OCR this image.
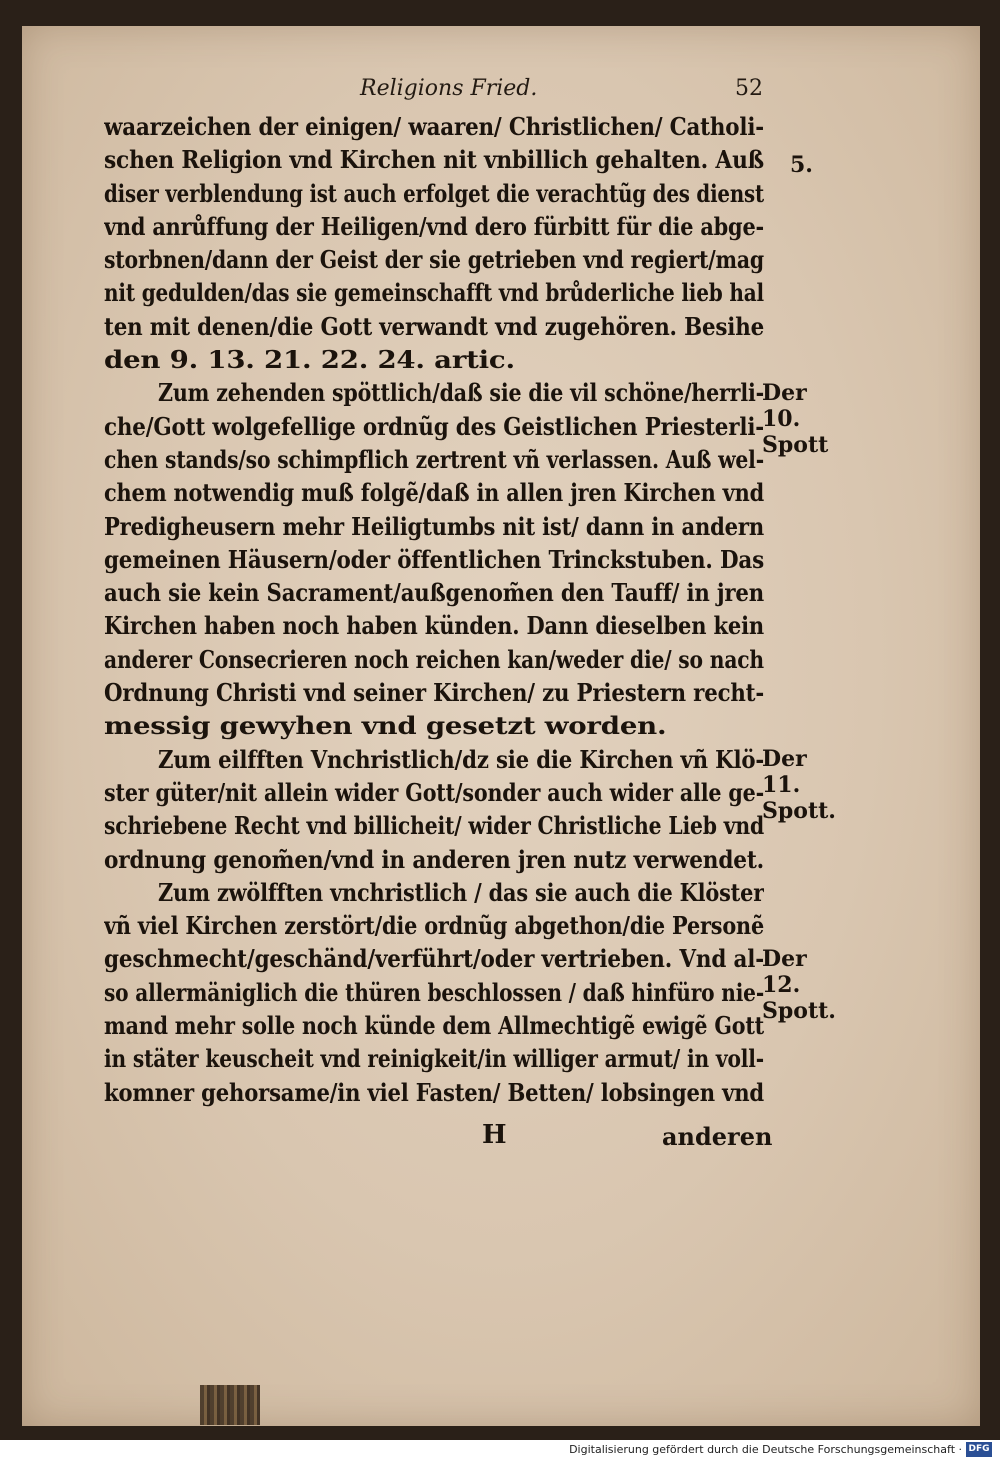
Religions Fried.	52
waarzeichen der einigen/ waaren/ Christlichen/ Catholi-
schen Religion vnd Kirchen nit vnbillich gehalten. Auß
diser verblendung ist auch erfolget die verachtũg des dienst
vnd anrůffung der Heiligen/vnd dero fürbitt für die abge-
storbnen/dann der Geist der sie getrieben vnd regiert/mag
nit gedulden/das sie gemeinschafft vnd brůderliche lieb hal
ten mit denen/die Gott verwandt vnd zugehören. Besihe
den 9. 13. 21. 22. 24. artic.
Zum zehenden spöttlich/daß sie die vil schöne/herrli-
che/Gott wolgefellige ordnũg des Geistlichen Priesterli-
chen stands/so schimpflich zertrent vñ verlassen. Auß wel-
chem notwendig muß folgẽ/daß in allen jren Kirchen vnd
Predigheusern mehr Heiligtumbs nit ist/ dann in andern
gemeinen Häusern/oder öffentlichen Trinckstuben. Das
auch sie kein Sacrament/außgenom̃en den Tauff/ in jren
Kirchen haben noch haben künden. Dann dieselben kein
anderer Consecrieren noch reichen kan/weder die/ so nach
Ordnung Christi vnd seiner Kirchen/ zu Priestern recht-
messig gewyhen vnd gesetzt worden.
Zum eilfften Vnchristlich/dz sie die Kirchen vñ Klö-
ster güter/nit allein wider Gott/sonder auch wider alle ge-
schriebene Recht vnd billicheit/ wider Christliche Lieb vnd
ordnung genom̃en/vnd in anderen jren nutz verwendet.
Zum zwölfften vnchristlich / das sie auch die Klöster
vñ viel Kirchen zerstört/die ordnũg abgethon/die Personẽ
geschmecht/geschänd/verführt/oder vertrieben. Vnd al-
so allermäniglich die thüren beschlossen / daß hinfüro nie-
mand mehr solle noch künde dem Allmechtigẽ ewigẽ Gott
in stäter keuscheit vnd reinigkeit/in williger armut/ in voll-
komner gehorsame/in viel Fasten/ Betten/ lobsingen vnd
5.
Der 10. Spott
Der 11. Spott.
Der 12. Spott.
H	anderen
Digitalisierung gefördert durch die Deutsche Forschungsgemeinschaft · DFG
